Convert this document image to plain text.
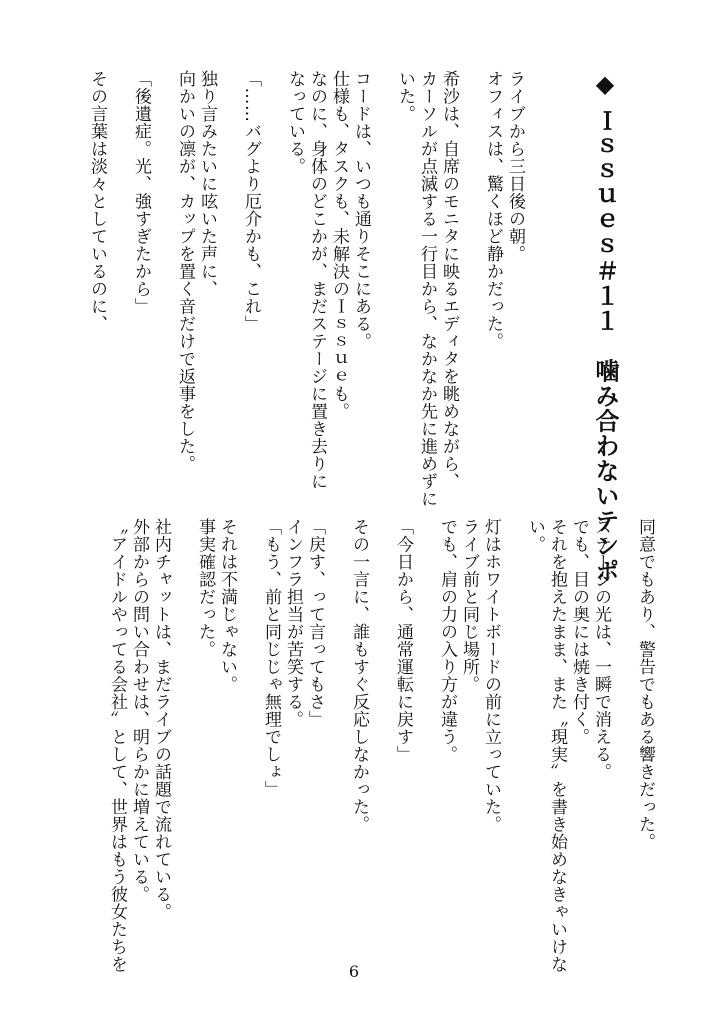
◆ Ｉｓｓｕｅｓ＃１１　噛み合わないテンポ
ライブから三日後の朝。
オフィスは、驚くほど静かだった。
希沙は、自席のモニタに映るエディタを眺めながら、
カーソルが点滅する一行目から、なかなか先に進めずに
いた。
コードは、いつも通りそこにある。
仕様も、タスクも、未解決のＩｓｓｕｅも。
なのに、身体のどこかが、まだステージに置き去りに
なっている。
「……バグより厄介かも、これ」
独り言みたいに呟いた声に、
向かいの凛が、カップを置く音だけで返事をした。
「後遺症。光、強すぎたから」
その言葉は淡々としているのに、
同意でもあり、警告でもある響きだった。
ステージの光は、一瞬で消える。
でも、目の奥には焼き付く。
それを抱えたまま、また〝現実〟を書き始めなきゃいけな
い。
灯はホワイトボードの前に立っていた。
ライブ前と同じ場所。
でも、肩の力の入り方が違う。
「今日から、通常運転に戻す」
その一言に、誰もすぐ反応しなかった。
「戻す、って言ってもさ」
インフラ担当が苦笑する。
「もう、前と同じじゃ無理でしょ」
それは不満じゃない。
事実確認だった。
社内チャットは、まだライブの話題で流れている。
外部からの問い合わせは、明らかに増えている。
〝アイドルやってる会社〟として、世界はもう彼女たちを	6
